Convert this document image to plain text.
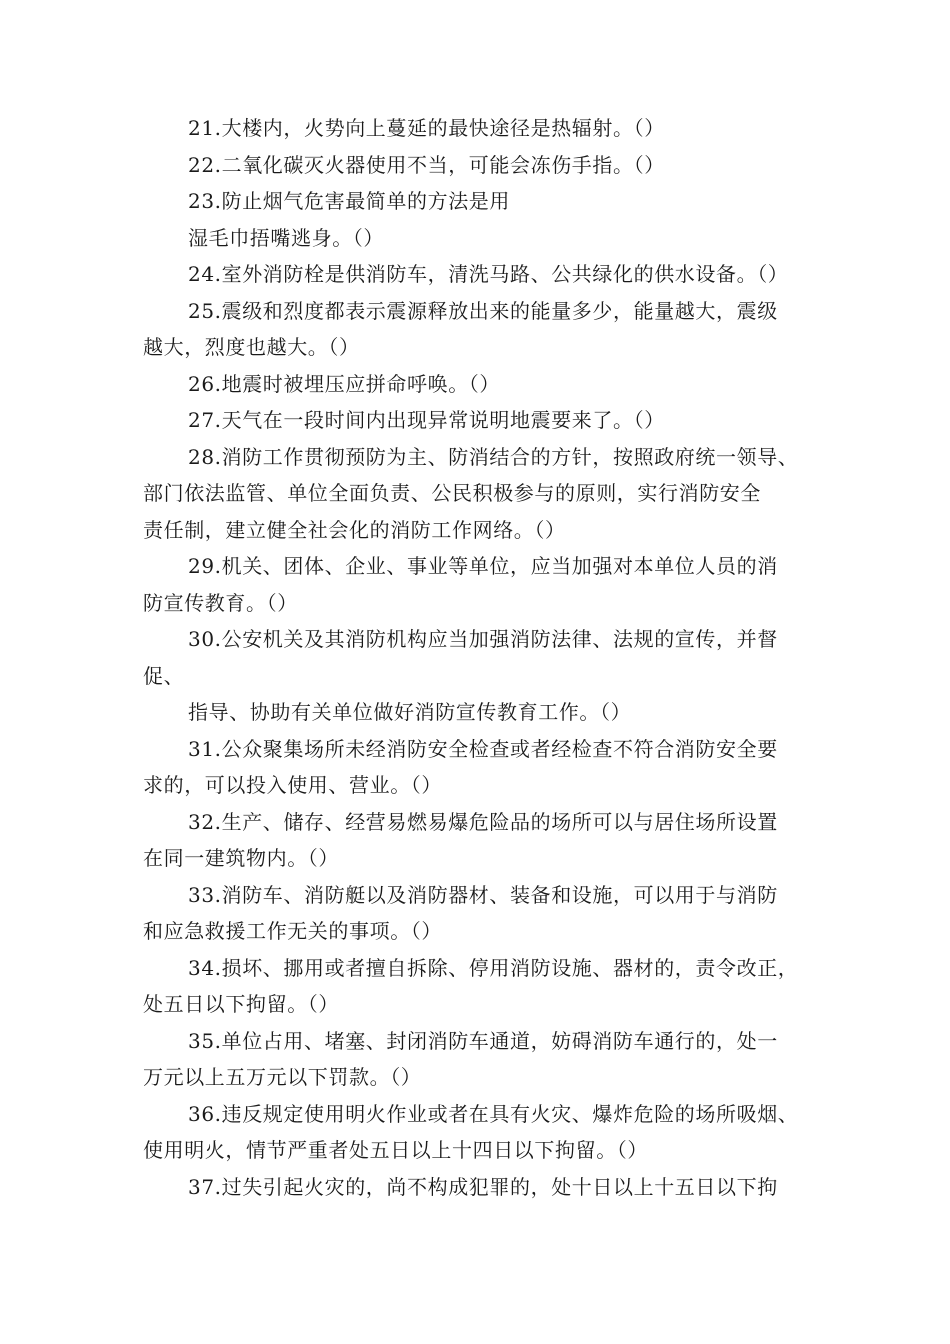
21.大楼内，火势向上蔓延的最快途径是热辐射。（）
22.二氧化碳灭火器使用不当，可能会冻伤手指。（）
23.防止烟气危害最简单的方法是用
湿毛巾捂嘴逃身。（）
24.室外消防栓是供消防车，清洗马路、公共绿化的供水设备。（）
25.震级和烈度都表示震源释放出来的能量多少，能量越大，震级
越大，烈度也越大。（）
26.地震时被埋压应拼命呼唤。（）
27.天气在一段时间内出现异常说明地震要来了。（）
28.消防工作贯彻预防为主、防消结合的方针，按照政府统一领导、
部门依法监管、单位全面负责、公民积极参与的原则，实行消防安全
责任制，建立健全社会化的消防工作网络。（）
29.机关、团体、企业、事业等单位，应当加强对本单位人员的消
防宣传教育。（）
30.公安机关及其消防机构应当加强消防法律、法规的宣传，并督
促、
指导、协助有关单位做好消防宣传教育工作。（）
31.公众聚集场所未经消防安全检查或者经检查不符合消防安全要
求的，可以投入使用、营业。（）
32.生产、储存、经营易燃易爆危险品的场所可以与居住场所设置
在同一建筑物内。（）
33.消防车、消防艇以及消防器材、装备和设施，可以用于与消防
和应急救援工作无关的事项。（）
34.损坏、挪用或者擅自拆除、停用消防设施、器材的，责令改正，
处五日以下拘留。（）
35.单位占用、堵塞、封闭消防车通道，妨碍消防车通行的，处一
万元以上五万元以下罚款。（）
36.违反规定使用明火作业或者在具有火灾、爆炸危险的场所吸烟、
使用明火，情节严重者处五日以上十四日以下拘留。（）
37.过失引起火灾的，尚不构成犯罪的，处十日以上十五日以下拘
